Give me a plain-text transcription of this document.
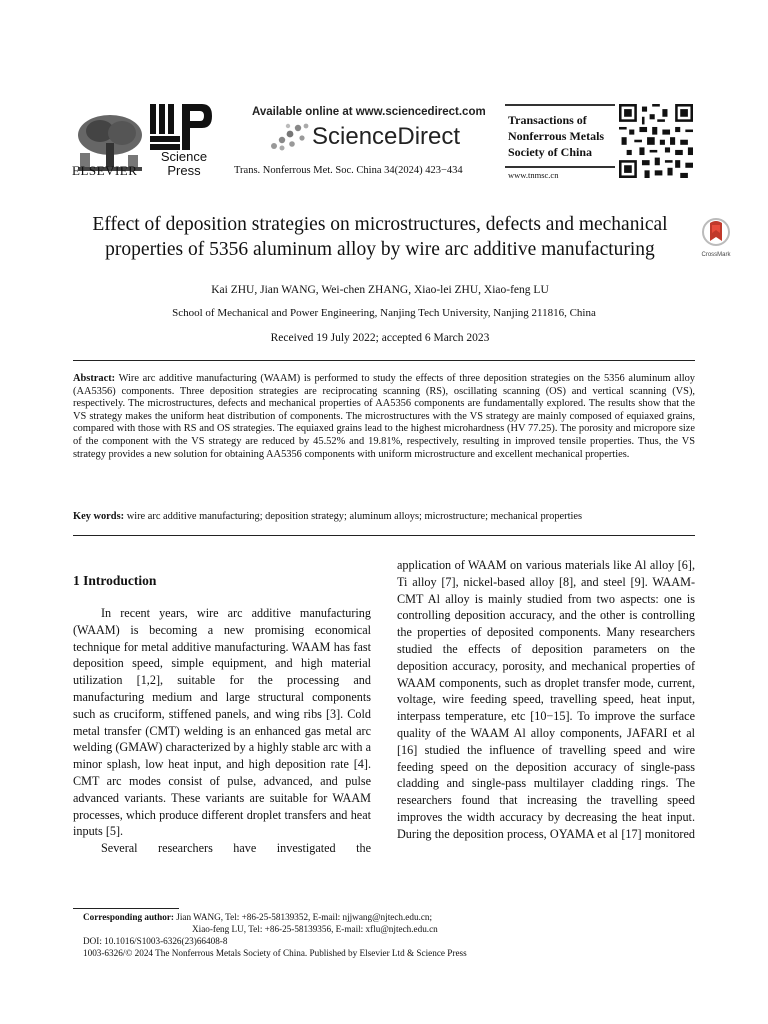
ELSEVIER
Science
Press
Available online at www.sciencedirect.com
ScienceDirect
Trans. Nonferrous Met. Soc. China 34(2024) 423−434
Transactions of
Nonferrous Metals
Society of China
www.tnmsc.cn
Effect of deposition strategies on microstructures, defects and mechanical
properties of 5356 aluminum alloy by wire arc additive manufacturing	CrossMark
Kai ZHU, Jian WANG, Wei-chen ZHANG, Xiao-lei ZHU, Xiao-feng LU
School of Mechanical and Power Engineering, Nanjing Tech University, Nanjing 211816, China
Received 19 July 2022; accepted 6 March 2023
Abstract: Wire arc additive manufacturing (WAAM) is performed to study the effects of three deposition strategies on the 5356 aluminum alloy (AA5356) components. Three deposition strategies are reciprocating scanning (RS), oscillating scanning (OS) and vertical scanning (VS), respectively. The microstructures, defects and mechanical properties of AA5356 components are fundamentally explored. The results show that the VS strategy makes the uniform heat distribution of components. The microstructures with the VS strategy are mainly composed of equiaxed grains, compared with those with RS and OS strategies. The equiaxed grains lead to the highest microhardness (HV 77.25). The porosity and micropore size of the component with the VS strategy are reduced by 45.52% and 19.81%, respectively, resulting in improved tensile properties. Thus, the VS strategy provides a new solution for obtaining AA5356 components with uniform microstructure and excellent mechanical properties.
Key words: wire arc additive manufacturing; deposition strategy; aluminum alloys; microstructure; mechanical properties
1 Introduction

In recent years, wire arc additive manufacturing (WAAM) is becoming a new promising economical technique for metal additive manufacturing. WAAM has fast deposition speed, simple equipment, and high material utilization [1,2], suitable for the processing and manufacturing medium and large structural components such as cruciform, stiffened panels, and wing ribs [3]. Cold metal transfer (CMT) welding is an enhanced gas metal arc welding (GMAW) characterized by a highly stable arc with a minor splash, low heat input, and high deposition rate [4]. CMT arc modes consist of pulse, advanced, and pulse advanced variants. These variants are suitable for WAAM processes, which produce different droplet transfers and heat inputs [5].

Several researchers have investigated the

application of WAAM on various materials like Al alloy [6], Ti alloy [7], nickel-based alloy [8], and steel [9]. WAAM-CMT Al alloy is mainly studied from two aspects: one is controlling deposition accuracy, and the other is controlling the properties of deposited components. Many researchers studied the effects of deposition parameters on the deposition accuracy, porosity, and mechanical properties of WAAM components, such as droplet transfer mode, current, voltage, wire feeding speed, travelling speed, heat input, interpass temperature, etc [10−15]. To improve the surface quality of the WAAM Al alloy components, JAFARI et al [16] studied the influence of travelling speed and wire feeding speed on the deposition accuracy of single-pass cladding and single-pass multilayer cladding rings. The researchers found that increasing the travelling speed improves the width accuracy by decreasing the heat input. During the deposition process, OYAMA et al [17] monitored

Corresponding author: Jian WANG, Tel: +86-25-58139352, E-mail: njjwang@njtech.edu.cn;
Xiao-feng LU, Tel: +86-25-58139356, E-mail: xflu@njtech.edu.cn
DOI: 10.1016/S1003-6326(23)66408-8
1003-6326/© 2024 The Nonferrous Metals Society of China. Published by Elsevier Ltd & Science Press
